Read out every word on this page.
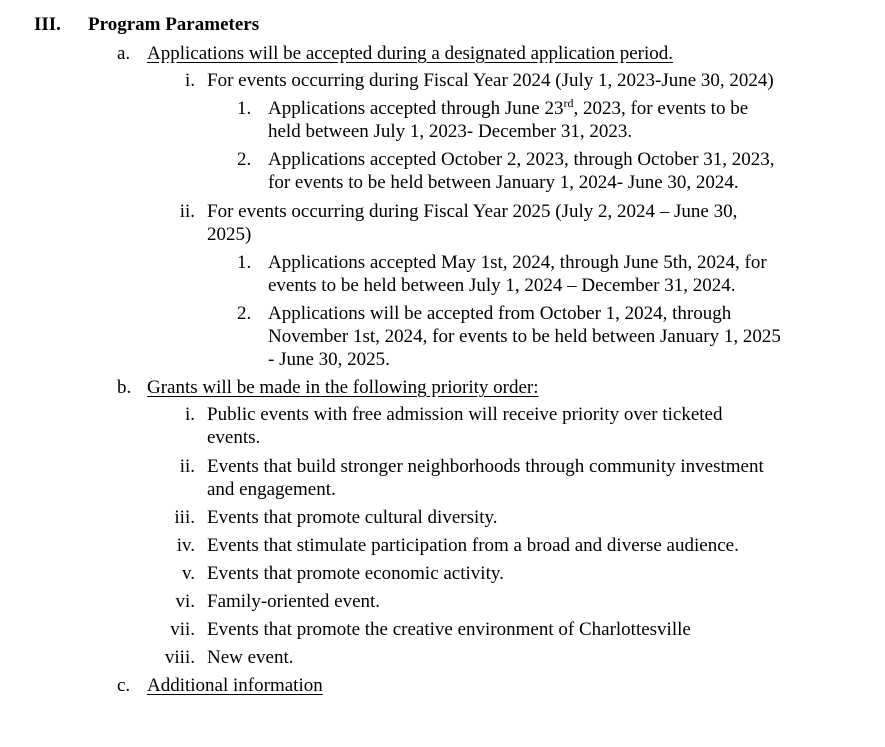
III. Program Parameters
a. Applications will be accepted during a designated application period.
i. For events occurring during Fiscal Year 2024 (July 1, 2023-June 30, 2024)
1. Applications accepted through June 23rd, 2023, for events to be
held between July 1, 2023- December 31, 2023.
2. Applications accepted October 2, 2023, through October 31, 2023,
for events to be held between January 1, 2024- June 30, 2024.
ii. For events occurring during Fiscal Year 2025 (July 2, 2024 – June 30,
2025)
1. Applications accepted May 1st, 2024, through June 5th, 2024, for
events to be held between July 1, 2024 – December 31, 2024.
2. Applications will be accepted from October 1, 2024, through
November 1st, 2024, for events to be held between January 1, 2025
- June 30, 2025.
b. Grants will be made in the following priority order:
i. Public events with free admission will receive priority over ticketed
events.
ii. Events that build stronger neighborhoods through community investment
and engagement.
iii. Events that promote cultural diversity.
iv. Events that stimulate participation from a broad and diverse audience.
v. Events that promote economic activity.
vi. Family-oriented event.
vii. Events that promote the creative environment of Charlottesville
viii. New event.
c. Additional information
